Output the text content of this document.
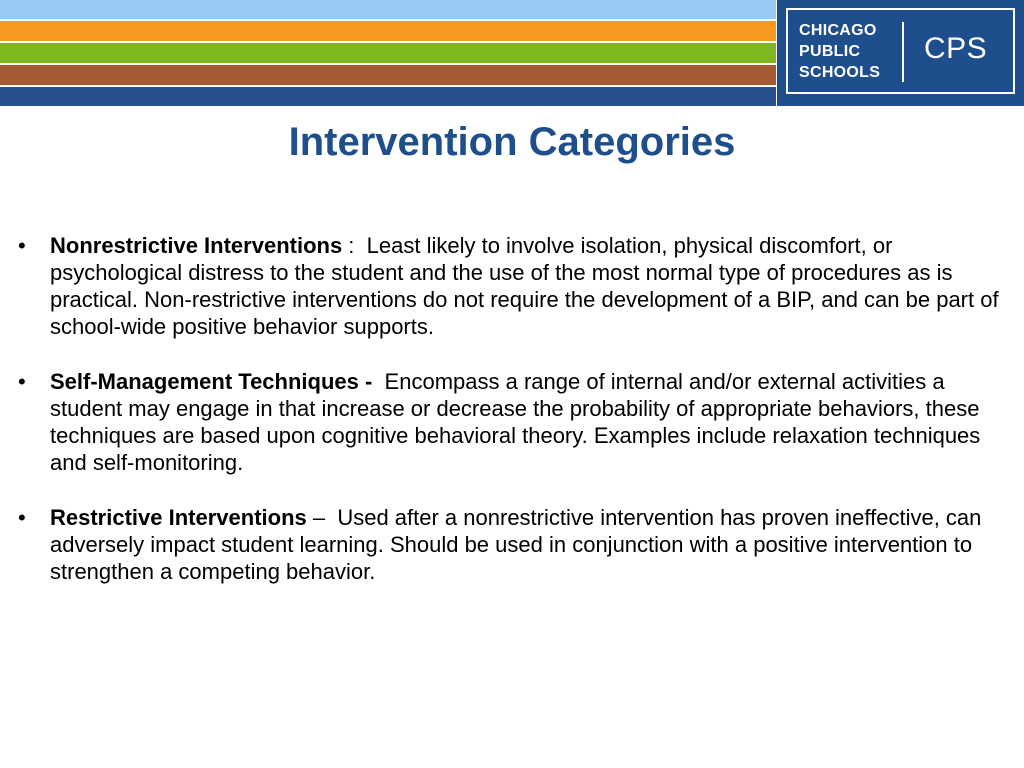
CHICAGO
PUBLIC
SCHOOLS
CPS
Intervention Categories
• Nonrestrictive Interventions :  Least likely to involve isolation, physical discomfort, or psychological distress to the student and the use of the most normal type of procedures as is practical. Non-restrictive interventions do not require the development of a BIP, and can be part of school-wide positive behavior supports.
• Self-Management Techniques - Encompass a range of internal and/or external activities a student may engage in that increase or decrease the probability of appropriate behaviors, these techniques are based upon cognitive behavioral theory. Examples include relaxation techniques and self-monitoring.
• Restrictive Interventions –  Used after a nonrestrictive intervention has proven ineffective, can adversely impact student learning. Should be used in conjunction with a positive intervention to strengthen a competing behavior.
